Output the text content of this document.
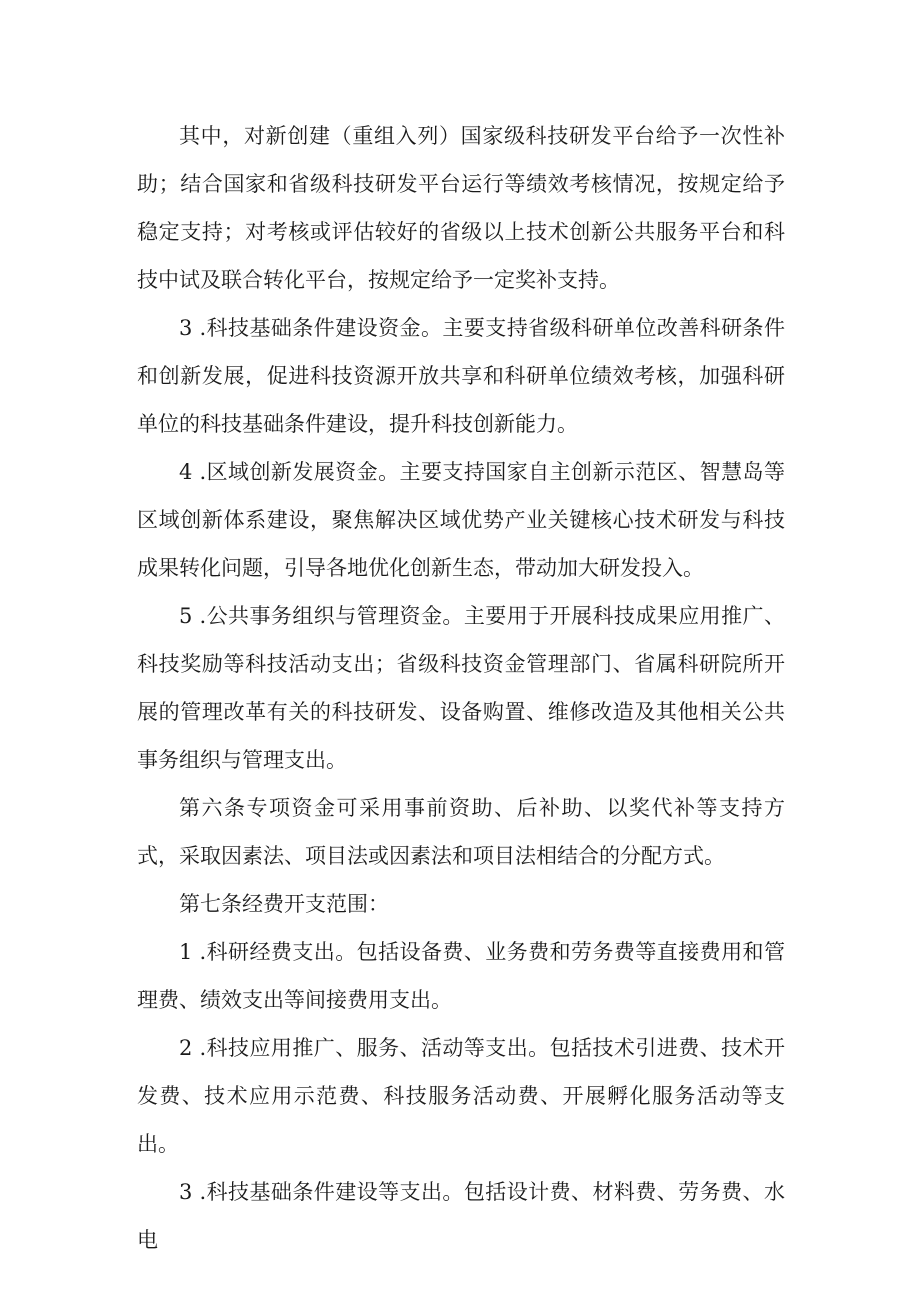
其中，对新创建（重组入列）国家级科技研发平台给予一次性补助；结合国家和省级科技研发平台运行等绩效考核情况，按规定给予稳定支持；对考核或评估较好的省级以上技术创新公共服务平台和科技中试及联合转化平台，按规定给予一定奖补支持。

3 .科技基础条件建设资金。主要支持省级科研单位改善科研条件和创新发展，促进科技资源开放共享和科研单位绩效考核，加强科研单位的科技基础条件建设，提升科技创新能力。

4 .区域创新发展资金。主要支持国家自主创新示范区、智慧岛等区域创新体系建设，聚焦解决区域优势产业关键核心技术研发与科技成果转化问题，引导各地优化创新生态，带动加大研发投入。

5 .公共事务组织与管理资金。主要用于开展科技成果应用推广、科技奖励等科技活动支出；省级科技资金管理部门、省属科研院所开展的管理改革有关的科技研发、设备购置、维修改造及其他相关公共事务组织与管理支出。

第六条专项资金可采用事前资助、后补助、以奖代补等支持方式，采取因素法、项目法或因素法和项目法相结合的分配方式。

第七条经费开支范围：

1 .科研经费支出。包括设备费、业务费和劳务费等直接费用和管理费、绩效支出等间接费用支出。

2 .科技应用推广、服务、活动等支出。包括技术引进费、技术开发费、技术应用示范费、科技服务活动费、开展孵化服务活动等支出。

3 .科技基础条件建设等支出。包括设计费、材料费、劳务费、水电
